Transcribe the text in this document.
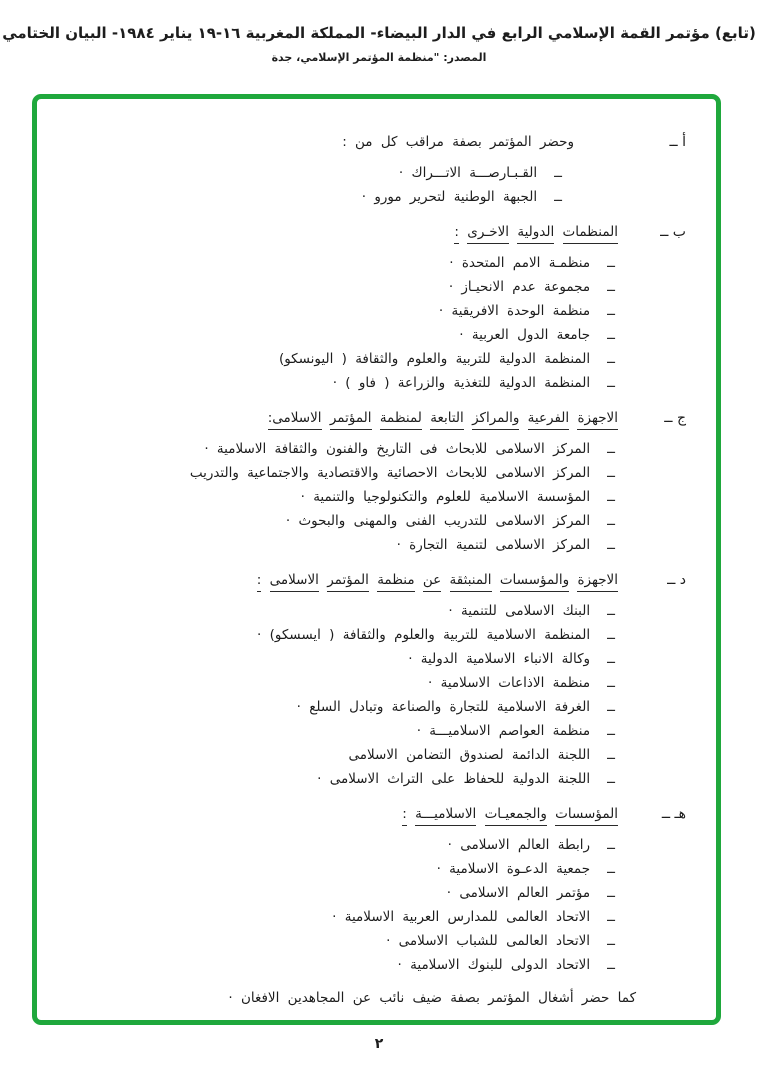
(تابع) مؤتمر القمة الإسلامي الرابع في الدار البيضاء- المملكة المغربية ١٦-١٩ يناير ١٩٨٤- البيان الختامي
المصدر: "منظمة المؤتمر الإسلامي، جدة
أ ــ
وحضر المؤتمر بصفة مراقب كل من :
ــ
القـبـارصـــة الاتـــراك ·
ــ
الجبهة الوطنية لتحرير مورو ·
ب ــ
المنظمات الدولية الاخـرى :
ــ
منظمـة الامم المتحدة ·
ــ
مجموعة عدم الانحيـاز ·
ــ
منظمة الوحدة الافريقية ·
ــ
جامعة الدول العربية ·
ــ
المنظمة الدولية للتربية والعلوم والثقافة ( اليونسكو)
ــ
المنظمة الدولية للتغذية والزراعة ( فاو ) ·
ج ــ
الاجهزة الفرعية والمراكز التابعة لمنظمة المؤتمر الاسلامى:
ــ
المركز الاسلامى للابحاث فى التاريخ والفنون والثقافة الاسلامية ·
ــ
المركز الاسلامى للابحاث الاحصائية والاقتصادية والاجتماعية والتدريب
ــ
المؤسسة الاسلامية للعلوم والتكنولوجيا والتنمية ·
ــ
المركز الاسلامى للتدريب الفنى والمهنى والبحوث ·
ــ
المركز الاسلامى لتنمية التجارة ·
د ــ
الاجهزة والمؤسسات المنبثقة عن منظمة المؤتمر الاسلامى :
ــ
البنك الاسلامى للتنمية ·
ــ
المنظمة الاسلامية للتربية والعلوم والثقافة ( ايسسكو) ·
ــ
وكالة الانباء الاسلامية الدولية ·
ــ
منظمة الاذاعات الاسلامية ·
ــ
الغرفة الاسلامية للتجارة والصناعة وتبادل السلع ·
ــ
منظمة العواصم الاسلاميـــة ·
ــ
اللجنة الدائمة لصندوق التضامن الاسلامى
ــ
اللجنة الدولية للحفاظ على التراث الاسلامى ·
هـ ــ
المؤسسات والجمعيـات الاسلاميـــة :
ــ
رابطة العالم الاسلامى ·
ــ
جمعية الدعـوة الاسلامية ·
ــ
مؤتمر العالم الاسلامى ·
ــ
الاتحاد العالمى للمدارس العربية الاسلامية ·
ــ
الاتحاد العالمى للشباب الاسلامى ·
ــ
الاتحاد الدولى للبنوك الاسلامية ·
كما حضر أشغال المؤتمر بصفة ضيف نائب عن المجاهدين الافغان ·
٢
